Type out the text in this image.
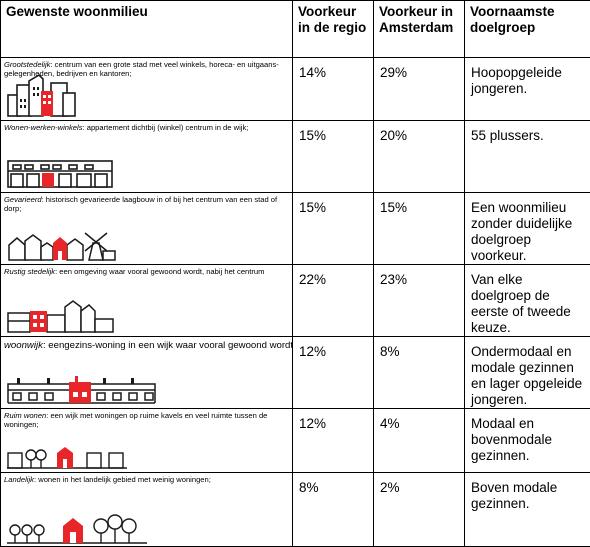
Gewenste woonmilieu	Voorkeur in de regio	Voorkeur in Amsterdam	Voornaamste doelgroep

Grootstedelijk: centrum van een grote stad met veel winkels, horeca- en uitgaans-gelegenheden, bedrijven en kantoren;	14%	29%	Hoopopgeleide jongeren.

Wonen-werken-winkels: appartement dichtbij (winkel) centrum in de wijk;	15%	20%	55 plussers.

Gevarieerd: historisch gevarieerde laagbouw in of bij het centrum van een stad of dorp;	15%	15%	Een woonmilieu zonder duidelijke doelgroep voorkeur.

Rustig stedelijk: een omgeving waar vooral gewoond wordt, nabij het centrum	22%	23%	Van elke doelgroep de eerste of tweede keuze.

woonwijk: eengezins-woning in een wijk waar vooral gewoond wordt	12%	8%	Ondermodaal en modale gezinnen en lager opgeleide jongeren.

Ruim wonen: een wijk met woningen op ruime kavels en veel ruimte tussen de woningen;	12%	4%	Modaal en bovenmodale gezinnen.

Landelijk: wonen in het landelijk gebied met weinig woningen;	8%	2%	Boven modale gezinnen.
